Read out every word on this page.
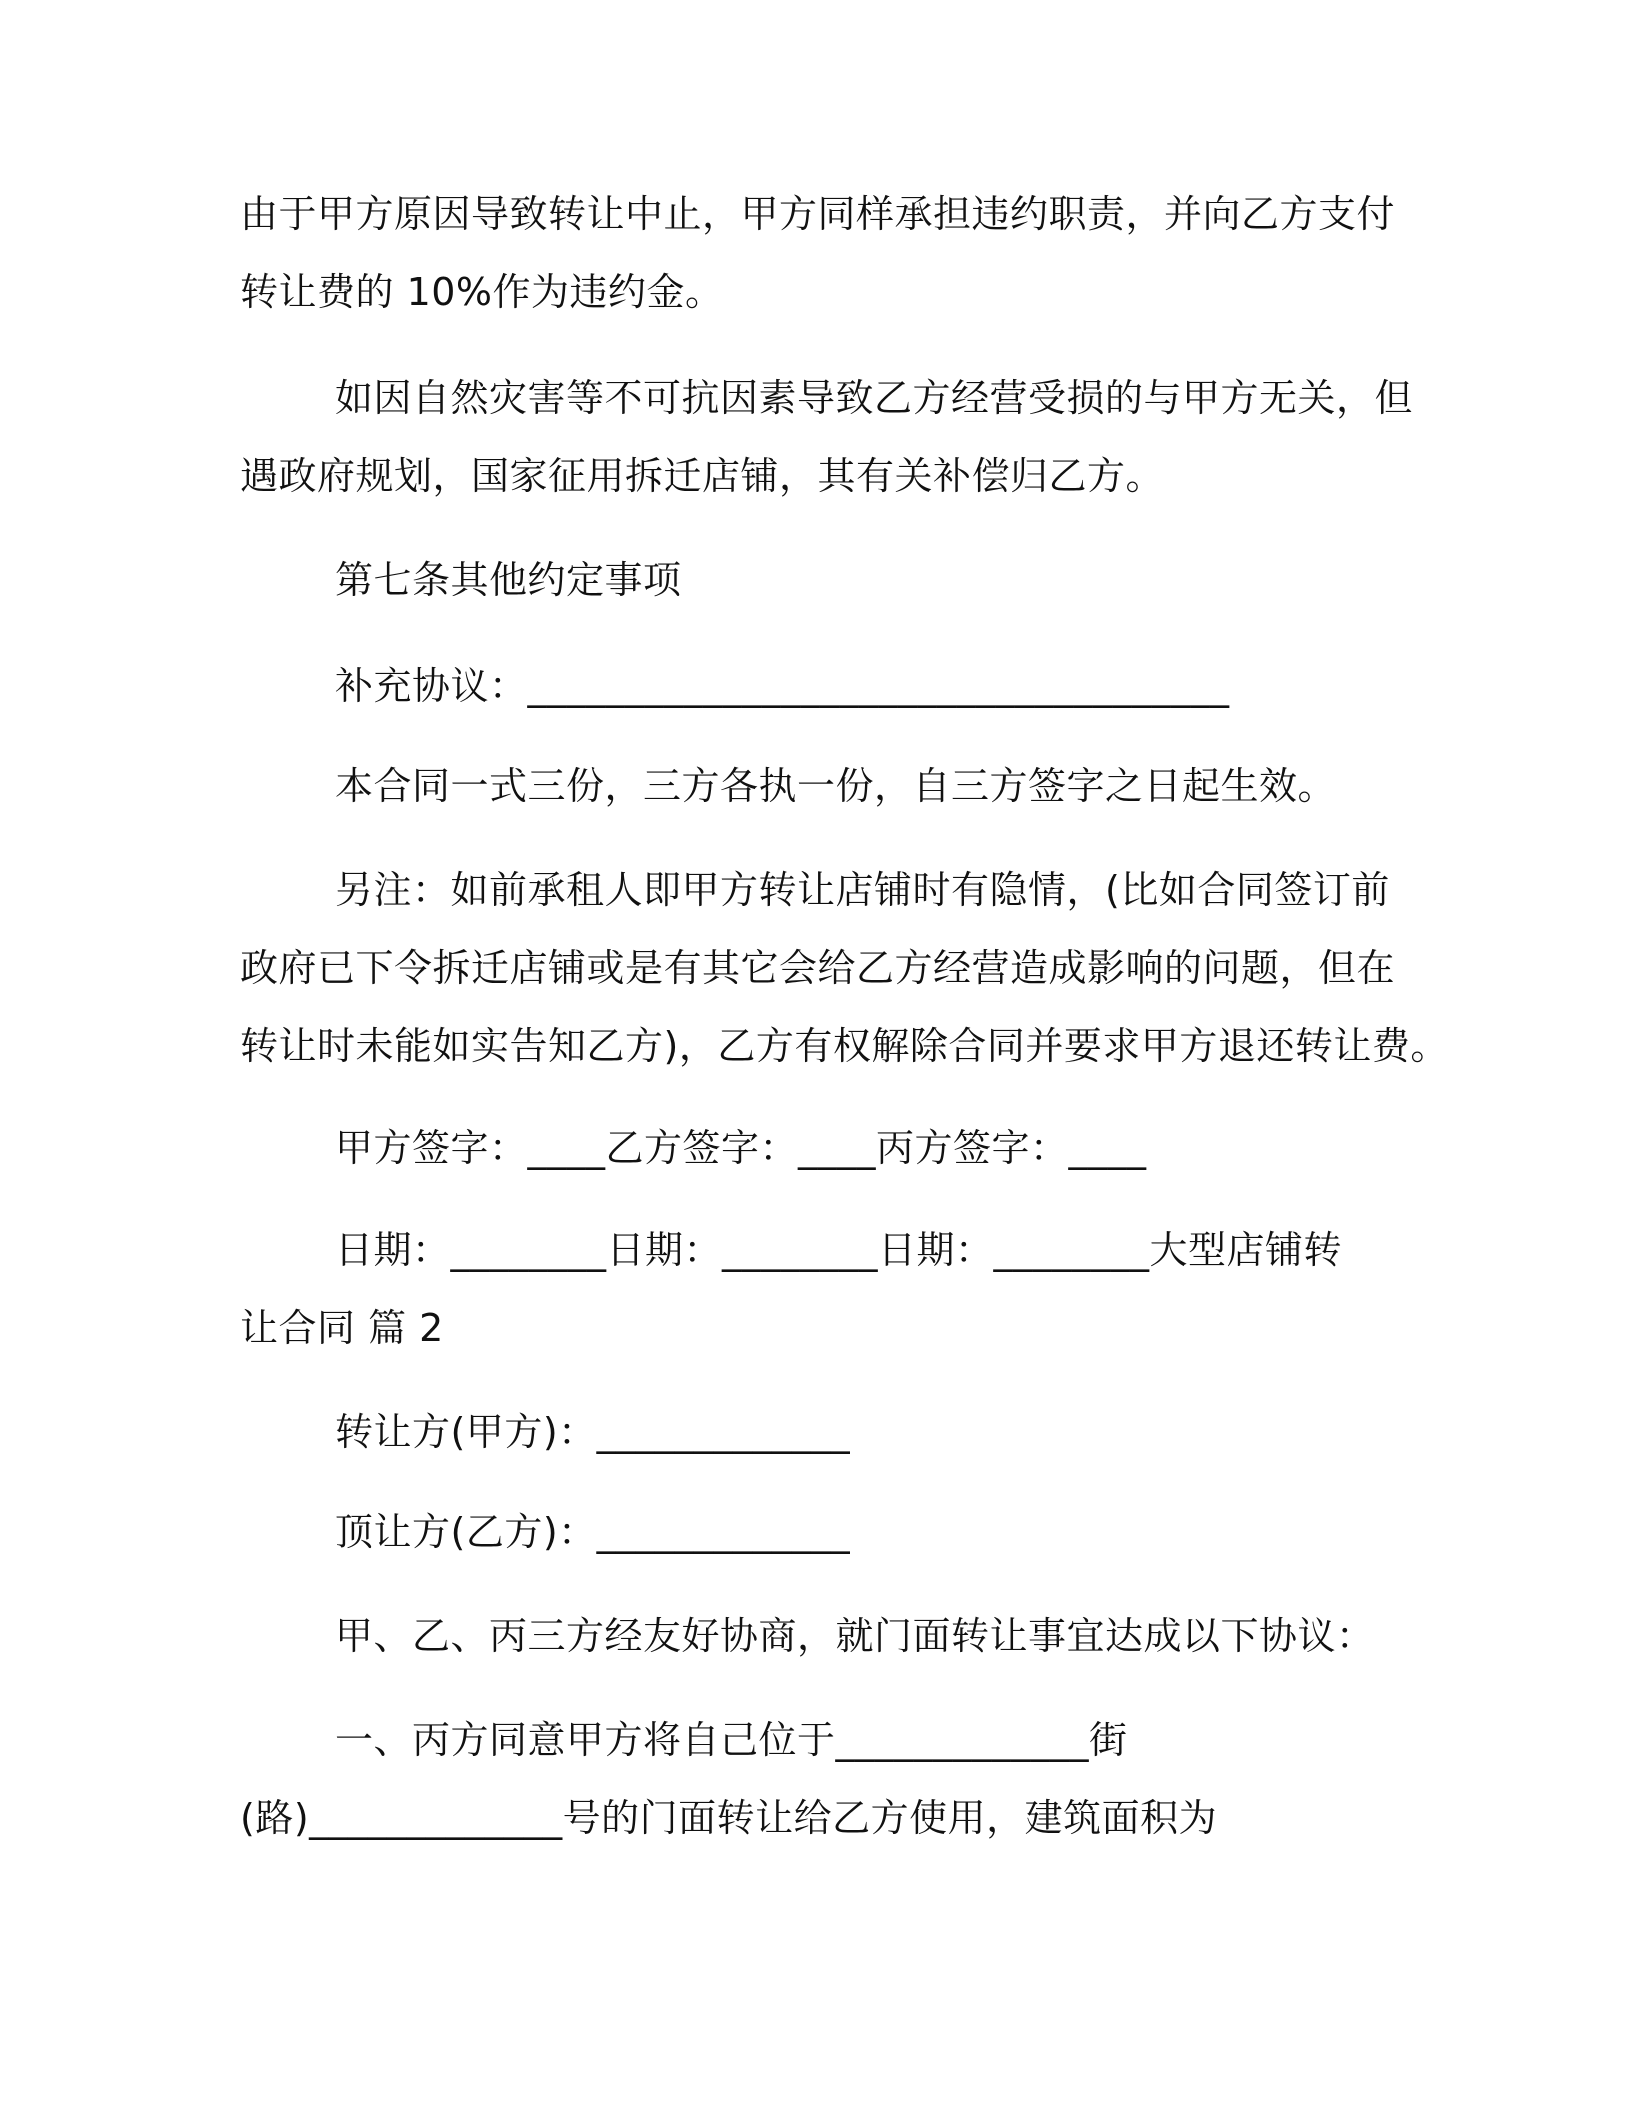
由于甲方原因导致转让中止，甲方同样承担违约职责，并向乙方支付
转让费的 10%作为违约金。
如因自然灾害等不可抗因素导致乙方经营受损的与甲方无关，但
遇政府规划，国家征用拆迁店铺，其有关补偿归乙方。
第七条其他约定事项
补充协议：____________________________________
本合同一式三份，三方各执一份，自三方签字之日起生效。
另注：如前承租人即甲方转让店铺时有隐情，(比如合同签订前
政府已下令拆迁店铺或是有其它会给乙方经营造成影响的问题，但在
转让时未能如实告知乙方)，乙方有权解除合同并要求甲方退还转让费。
甲方签字：____乙方签字：____丙方签字：____
日期：________日期：________日期：________大型店铺转
让合同 篇 2
转让方(甲方)：_____________
顶让方(乙方)：_____________
甲、乙、丙三方经友好协商，就门面转让事宜达成以下协议：
一、丙方同意甲方将自己位于_____________街
(路)_____________号的门面转让给乙方使用，建筑面积为
